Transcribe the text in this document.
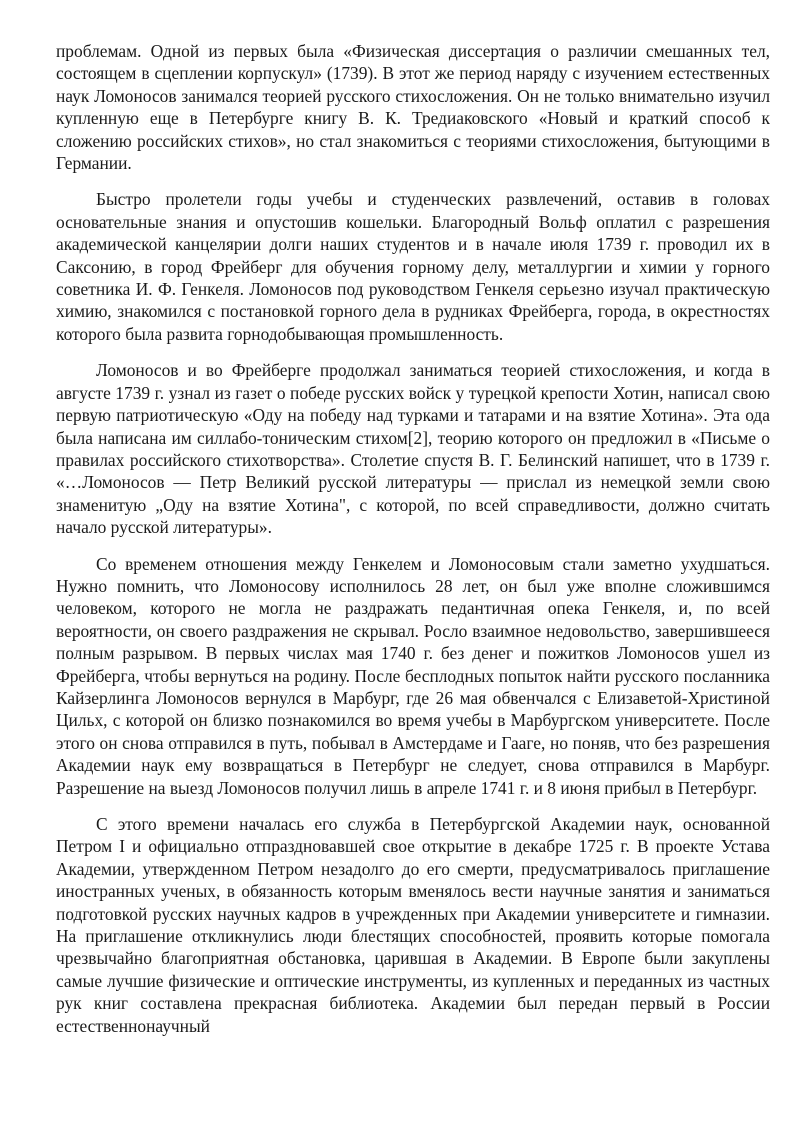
проблемам. Одной из первых была «Физическая диссертация о различии смешанных тел, состоящем в сцеплении корпускул» (1739). В этот же период наряду с изучением естественных наук Ломоносов занимался теорией русского стихосложения. Он не только внимательно изучил купленную еще в Петербурге книгу В. К. Тредиаковского «Новый и краткий способ к сложению российских стихов», но стал знакомиться с теориями стихосложения, бытующими в Германии.

Быстро пролетели годы учебы и студенческих развлечений, оставив в головах основательные знания и опустошив кошельки. Благородный Вольф оплатил с разрешения академической канцелярии долги наших студентов и в начале июля 1739 г. проводил их в Саксонию, в город Фрейберг для обучения горному делу, металлургии и химии у горного советника И. Ф. Генкеля. Ломоносов под руководством Генкеля серьезно изучал практическую химию, знакомился с постановкой горного дела в рудниках Фрейберга, города, в окрестностях которого была развита горнодобывающая промышленность.

Ломоносов и во Фрейберге продолжал заниматься теорией стихосложения, и когда в августе 1739 г. узнал из газет о победе русских войск у турецкой крепости Хотин, написал свою первую патриотическую «Оду на победу над турками и татарами и на взятие Хотина». Эта ода была написана им силлабо-тоническим стихом[2], теорию которого он предложил в «Письме о правилах российского стихотворства». Столетие спустя В. Г. Белинский напишет, что в 1739 г. «…Ломоносов — Петр Великий русской литературы — прислал из немецкой земли свою знаменитую „Оду на взятие Хотина", с которой, по всей справедливости, должно считать начало русской литературы».

Со временем отношения между Генкелем и Ломоносовым стали заметно ухудшаться. Нужно помнить, что Ломоносову исполнилось 28 лет, он был уже вполне сложившимся человеком, которого не могла не раздражать педантичная опека Генкеля, и, по всей вероятности, он своего раздражения не скрывал. Росло взаимное недовольство, завершившееся полным разрывом. В первых числах мая 1740 г. без денег и пожитков Ломоносов ушел из Фрейберга, чтобы вернуться на родину. После бесплодных попыток найти русского посланника Кайзерлинга Ломоносов вернулся в Марбург, где 26 мая обвенчался с Елизаветой-Христиной Цильх, с которой он близко познакомился во время учебы в Марбургском университете. После этого он снова отправился в путь, побывал в Амстердаме и Гааге, но поняв, что без разрешения Академии наук ему возвращаться в Петербург не следует, снова отправился в Марбург. Разрешение на выезд Ломоносов получил лишь в апреле 1741 г. и 8 июня прибыл в Петербург.

С этого времени началась его служба в Петербургской Академии наук, основанной Петром I и официально отпраздновавшей свое открытие в декабре 1725 г. В проекте Устава Академии, утвержденном Петром незадолго до его смерти, предусматривалось приглашение иностранных ученых, в обязанность которым вменялось вести научные занятия и заниматься подготовкой русских научных кадров в учрежденных при Академии университете и гимназии. На приглашение откликнулись люди блестящих способностей, проявить которые помогала чрезвычайно благоприятная обстановка, царившая в Академии. В Европе были закуплены самые лучшие физические и оптические инструменты, из купленных и переданных из частных рук книг составлена прекрасная библиотека. Академии был передан первый в России естественнонаучный
